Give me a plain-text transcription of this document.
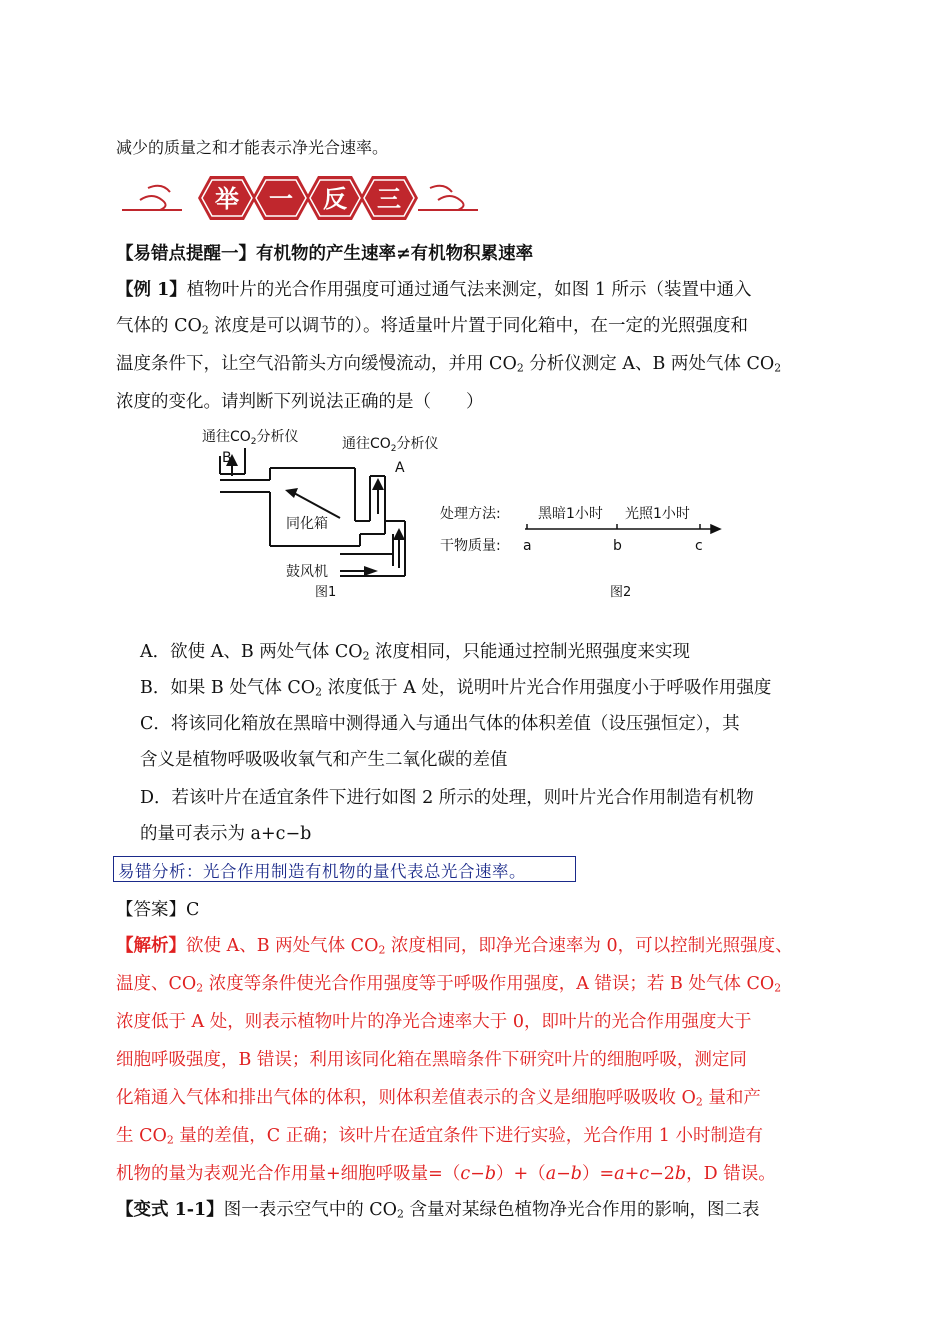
减少的质量之和才能表示净光合速率。
举 一 反 三
【易错点提醒一】有机物的产生速率≠有机物积累速率
【例 1】植物叶片的光合作用强度可通过通气法来测定，如图 1 所示（装置中通入
气体的 $CO_2$ 浓度是可以调节的）。将适量叶片置于同化箱中，在一定的光照强度和
温度条件下，让空气沿箭头方向缓慢流动，并用 $CO_2$ 分析仪测定 A、B 两处气体 $CO_2$
浓度的变化。请判断下列说法正确的是（　　）
通往$CO_2$分析仪	通往$CO_2$分析仪
B
A
同化箱
鼓风机
图1
处理方法:	黑暗1小时 光照1小时
干物质量: a	b	c
图2
A．欲使 A、B 两处气体 $CO_2$ 浓度相同，只能通过控制光照强度来实现
B．如果 B 处气体 $CO_2$ 浓度低于 A 处，说明叶片光合作用强度小于呼吸作用强度
C．将该同化箱放在黑暗中测得通入与通出气体的体积差值（设压强恒定），其
含义是植物呼吸吸收氧气和产生二氧化碳的差值
D．若该叶片在适宜条件下进行如图 2 所示的处理，则叶片光合作用制造有机物
的量可表示为 a+c−b
易错分析：光合作用制造有机物的量代表总光合速率。
【答案】C
【解析】欲使 A、B 两处气体 $CO_2$ 浓度相同，即净光合速率为 0，可以控制光照强度、
温度、$CO_2$ 浓度等条件使光合作用强度等于呼吸作用强度，A 错误；若 B 处气体 $CO_2$
浓度低于 A 处，则表示植物叶片的净光合速率大于 0，即叶片的光合作用强度大于
细胞呼吸强度，B 错误；利用该同化箱在黑暗条件下研究叶片的细胞呼吸，测定同
化箱通入气体和排出气体的体积，则体积差值表示的含义是细胞呼吸吸收 $O_2$ 量和产
生 $CO_2$ 量的差值，C 正确；该叶片在适宜条件下进行实验，光合作用 1 小时制造有
机物的量为表观光合作用量+细胞呼吸量=（c−b）+（a−b）=a+c−2b，D 错误。
【变式 1-1】图一表示空气中的 $CO_2$ 含量对某绿色植物净光合作用的影响，图二表
